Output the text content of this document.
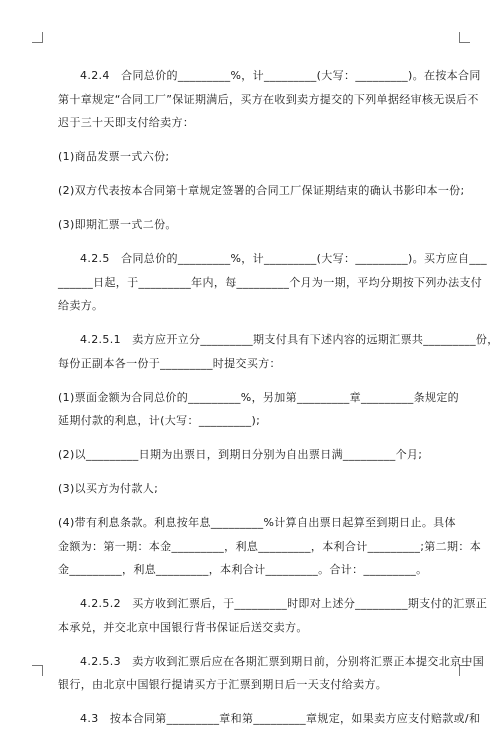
4.2.4　合同总价的_________%，计_________(大写：_________)。在按本合同
第十章规定“合同工厂”保证期满后，买方在收到卖方提交的下列单据经审核无误后不
迟于三十天即支付给卖方：
(1)商品发票一式六份;
(2)双方代表按本合同第十章规定签署的合同工厂保证期结束的确认书影印本一份;
(3)即期汇票一式二份。
4.2.5　合同总价的_________%，计_________(大写：_________)。买方应自___
______日起，于_________年内，每_________个月为一期，平均分期按下列办法支付
给卖方。
4.2.5.1　卖方应开立分_________期支付具有下述内容的远期汇票共_________份，
每份正副本各一份于_________时提交买方：
(1)票面金额为合同总价的_________%，另加第_________章_________条规定的
延期付款的利息，计(大写：_________);
(2)以_________日期为出票日，到期日分别为自出票日满_________个月;
(3)以买方为付款人;
(4)带有利息条款。利息按年息_________%计算自出票日起算至到期日止。具体
金额为：第一期：本金_________，利息_________，本利合计_________;第二期：本
金_________，利息_________，本利合计_________。合计：_________。
4.2.5.2　买方收到汇票后，于_________时即对上述分_________期支付的汇票正
本承兑，并交北京中国银行背书保证后送交卖方。
4.2.5.3　卖方收到汇票后应在各期汇票到期日前，分别将汇票正本提交北京中国
银行，由北京中国银行提请买方于汇票到期日后一天支付给卖方。
4.3　按本合同第_________章和第_________章规定，如果卖方应支付赔款或/和
